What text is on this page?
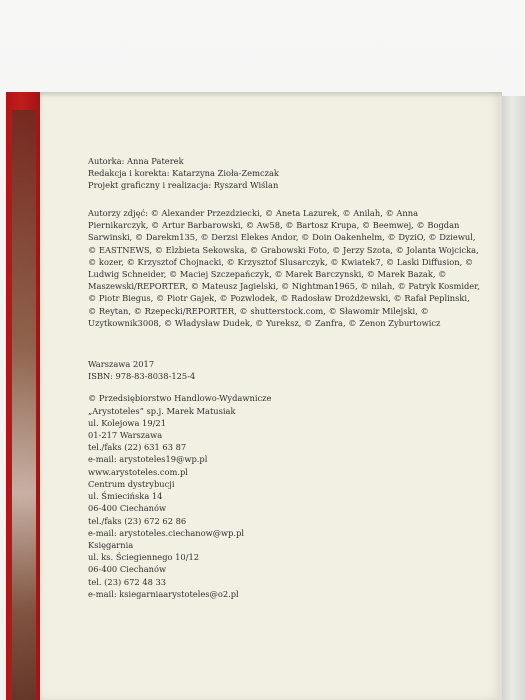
Autorka: Anna Paterek
Redakcja i korekta: Katarzyna Zioła-Zemczak
Projekt graficzny i realizacja: Ryszard Wiślan
Autorzy zdjęć: © Alexander Przezdziecki, © Aneta Lazurek, © Anilah, © Anna Piernikarczyk, © Artur Barbarowski, © Aw58, © Bartosz Krupa, © Beemwej, © Bogdan Sarwinski, © Darekm135, © Derzsi Elekes Andor, © Doin Oakenhelm, © DyziO, © Dziewul, © EASTNEWS, © Elzbieta Sekowska, © Grabowski Foto, © Jerzy Szota, © Jolanta Wojcicka, © kozer, © Krzysztof Chojnacki, © Krzysztof Slusarczyk, © Kwiatek7, © Laski Diffusion, © Ludwig Schneider, © Maciej Szczepańczyk, © Marek Barczynski, © Marek Bazak, © Maszewski/REPORTER, © Mateusz Jagielski, © Nightman1965, © nilah, © Patryk Kosmider, © Piotr Biegus, © Piotr Gajek, © Pozwlodek, © Radosław Drożdżewski, © Rafał Peplinski, © Reytan, © Rzepecki/REPORTER, © shutterstock.com, © Sławomir Milejski, © Uzytkownik3008, © Władysław Dudek, © Yureksz, © Zanfra, © Zenon Zyburtowicz
Warszawa 2017
ISBN: 978-83-8038-125-4
© Przedsiębiorstwo Handlowo-Wydawnicze
„Arystoteles” sp.j. Marek Matusiak
ul. Kolejowa 19/21
01-217 Warszawa
tel./faks (22) 631 63 87
e-mail: arystoteles19@wp.pl
www.arystoteles.com.pl
Centrum dystrybucji
ul. Śmiecińska 14
06-400 Ciechanów
tel./faks (23) 672 62 86
e-mail: arystoteles.ciechanow@wp.pl
Księgarnia
ul. ks. Ściegiennego 10/12
06-400 Ciechanów
tel. (23) 672 48 33
e-mail: ksiegarniaarystoteles@o2.pl
